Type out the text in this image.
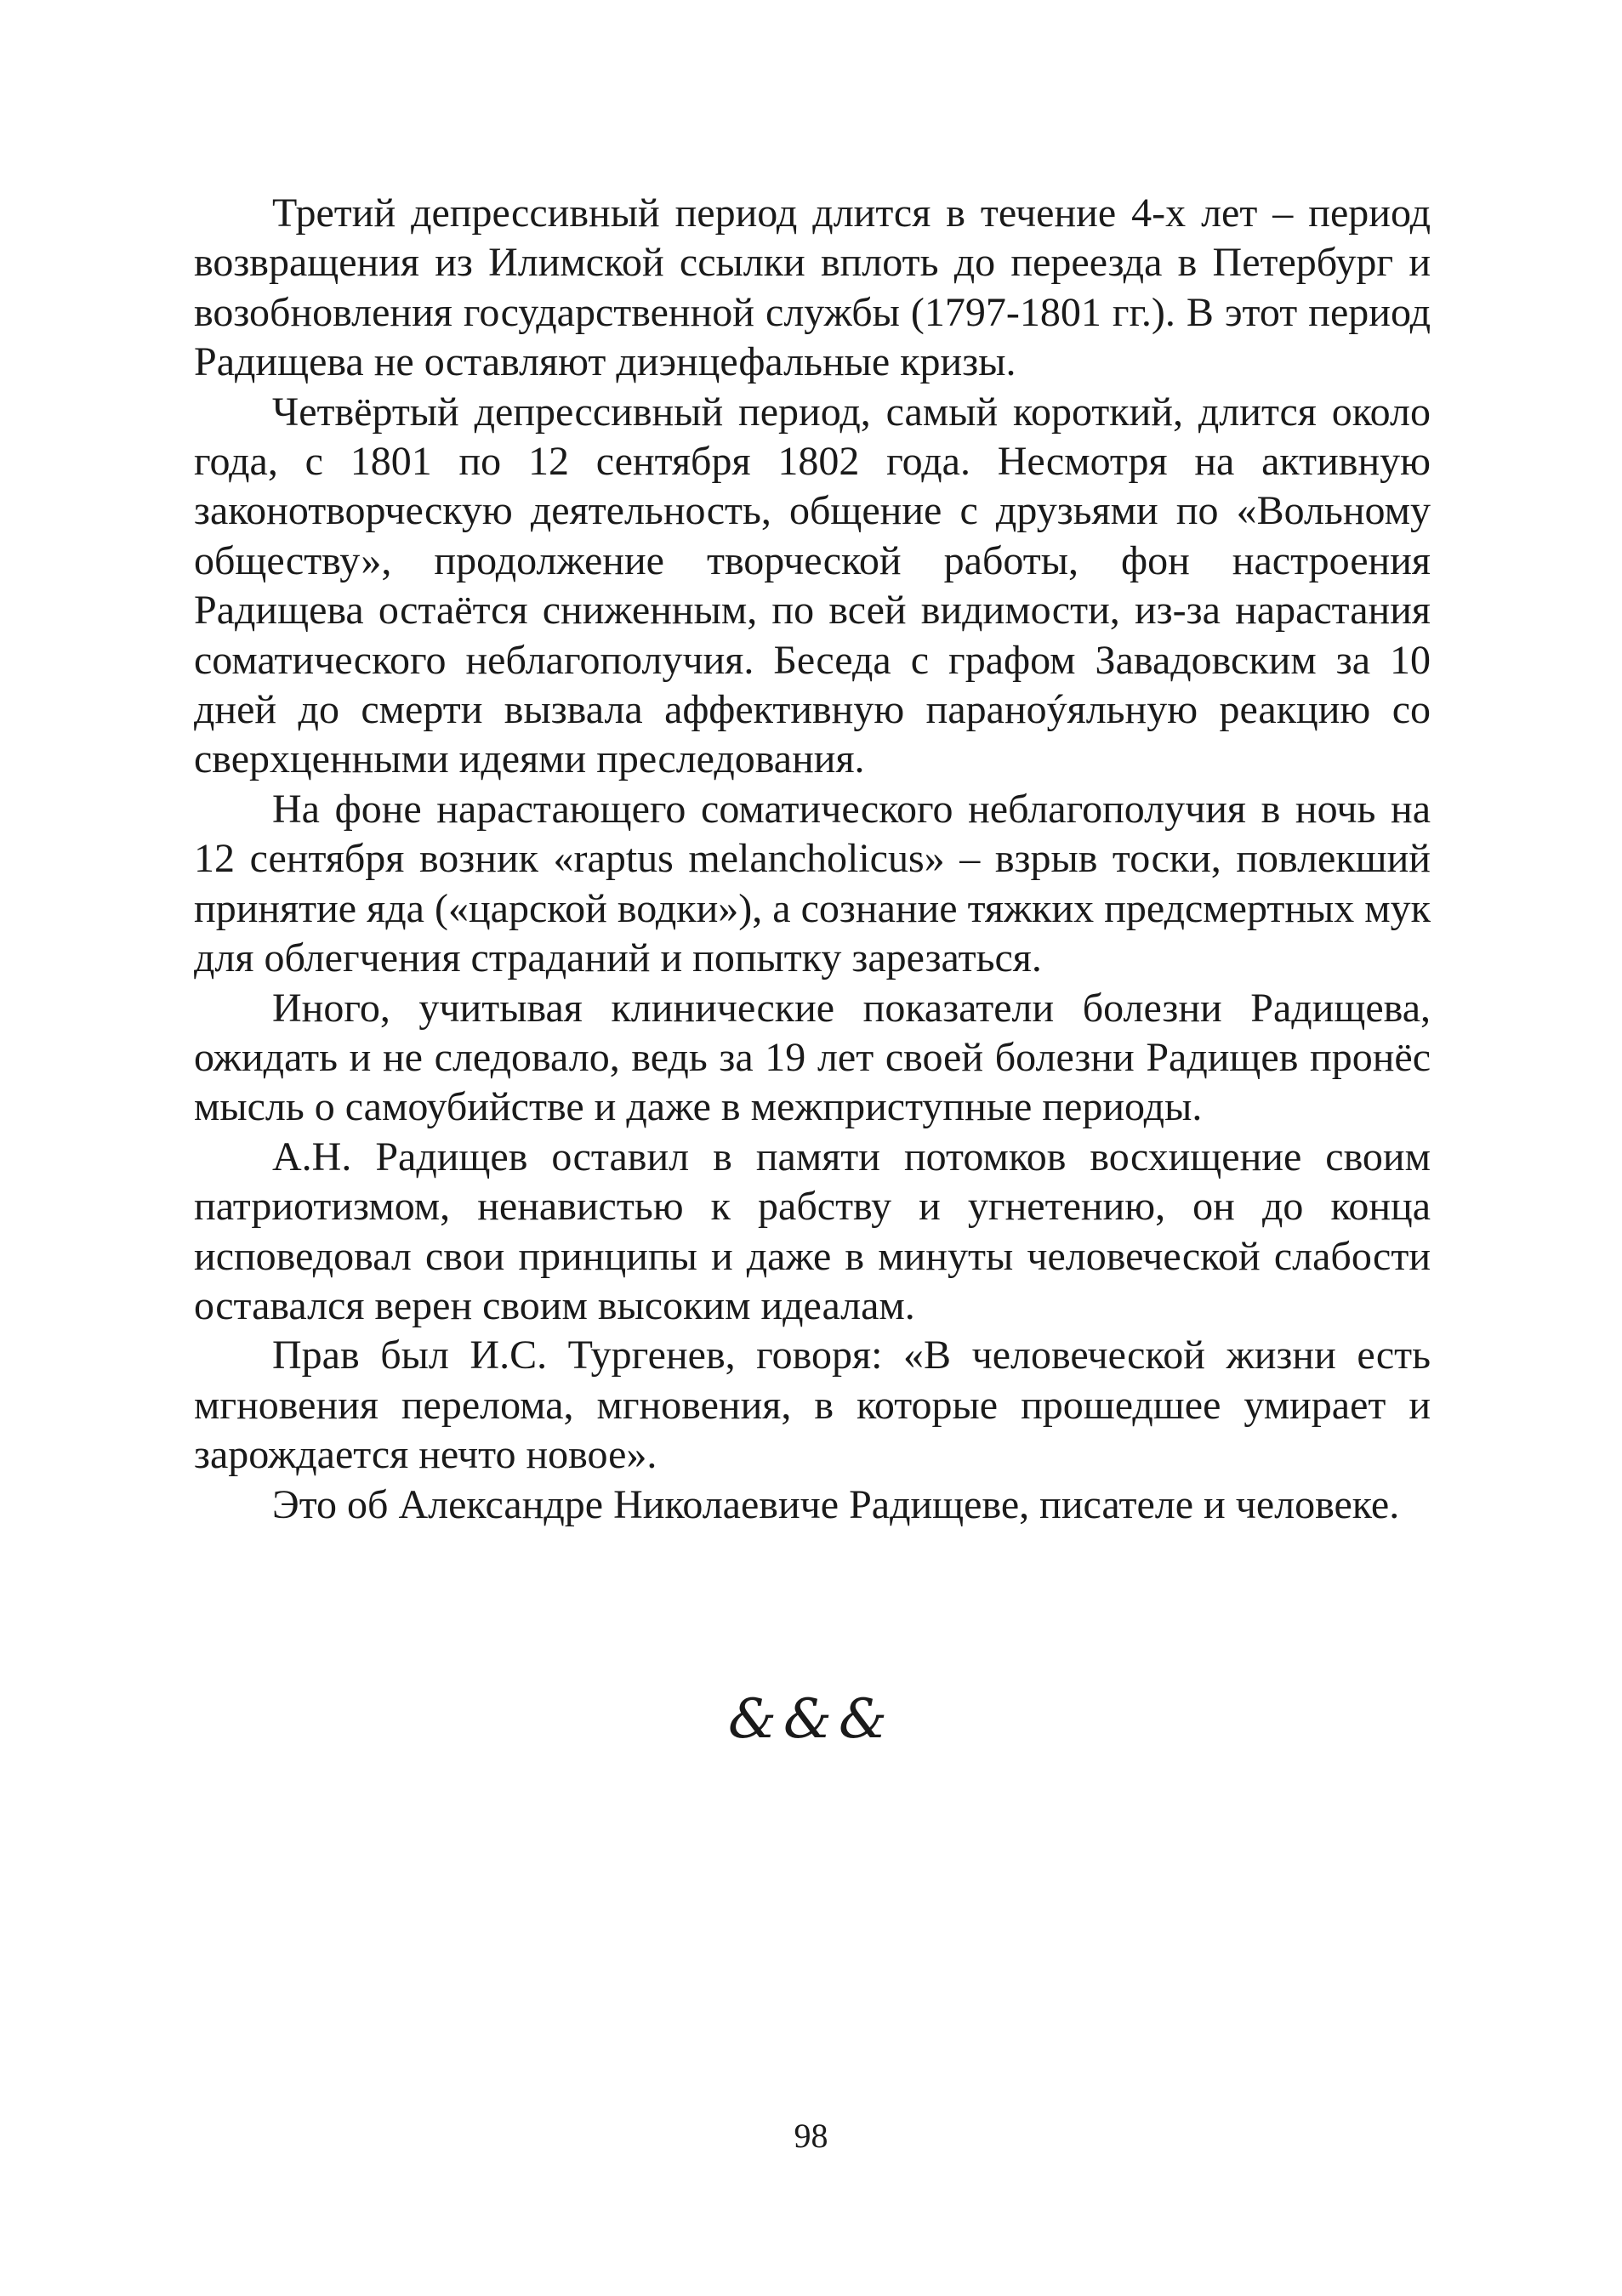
Третий депрессивный период длится в течение 4-х лет – период возвращения из Илимской ссылки вплоть до переезда в Петербург и возобновления государственной службы (1797-1801 гг.). В этот период Радищева не оставляют диэнцефальные кризы.

Четвёртый депрессивный период, самый короткий, длится около года, с 1801 по 12 сентября 1802 года. Несмотря на активную законотворческую деятельность, общение с друзьями по «Вольному обществу», продолжение творческой работы, фон настроения Радищева остаётся сниженным, по всей видимости, из-за нарастания соматического неблагополучия. Беседа с графом Завадовским за 10 дней до смерти вызвала аффективную параноýяльную реакцию со сверхценными идеями преследования.

На фоне нарастающего соматического неблагополучия в ночь на 12 сентября возник «raptus melancholicus» – взрыв тоски, повлекший принятие яда («царской водки»), а сознание тяжких предсмертных мук для облегчения страданий и попытку зарезаться.

Иного, учитывая клинические показатели болезни Радищева, ожидать и не следовало, ведь за 19 лет своей болезни Радищев пронёс мысль о самоубийстве и даже в межприступные периоды.

А.Н. Радищев оставил в памяти потомков восхищение своим патриотизмом, ненавистью к рабству и угнетению, он до конца исповедовал свои принципы и даже в минуты человеческой слабости оставался верен своим высоким идеалам.

Прав был И.С. Тургенев, говоря: «В человеческой жизни есть мгновения перелома, мгновения, в которые прошедшее умирает и зарождается нечто новое».

Это об Александре Николаевиче Радищеве, писателе и человеке.

&&&
98
